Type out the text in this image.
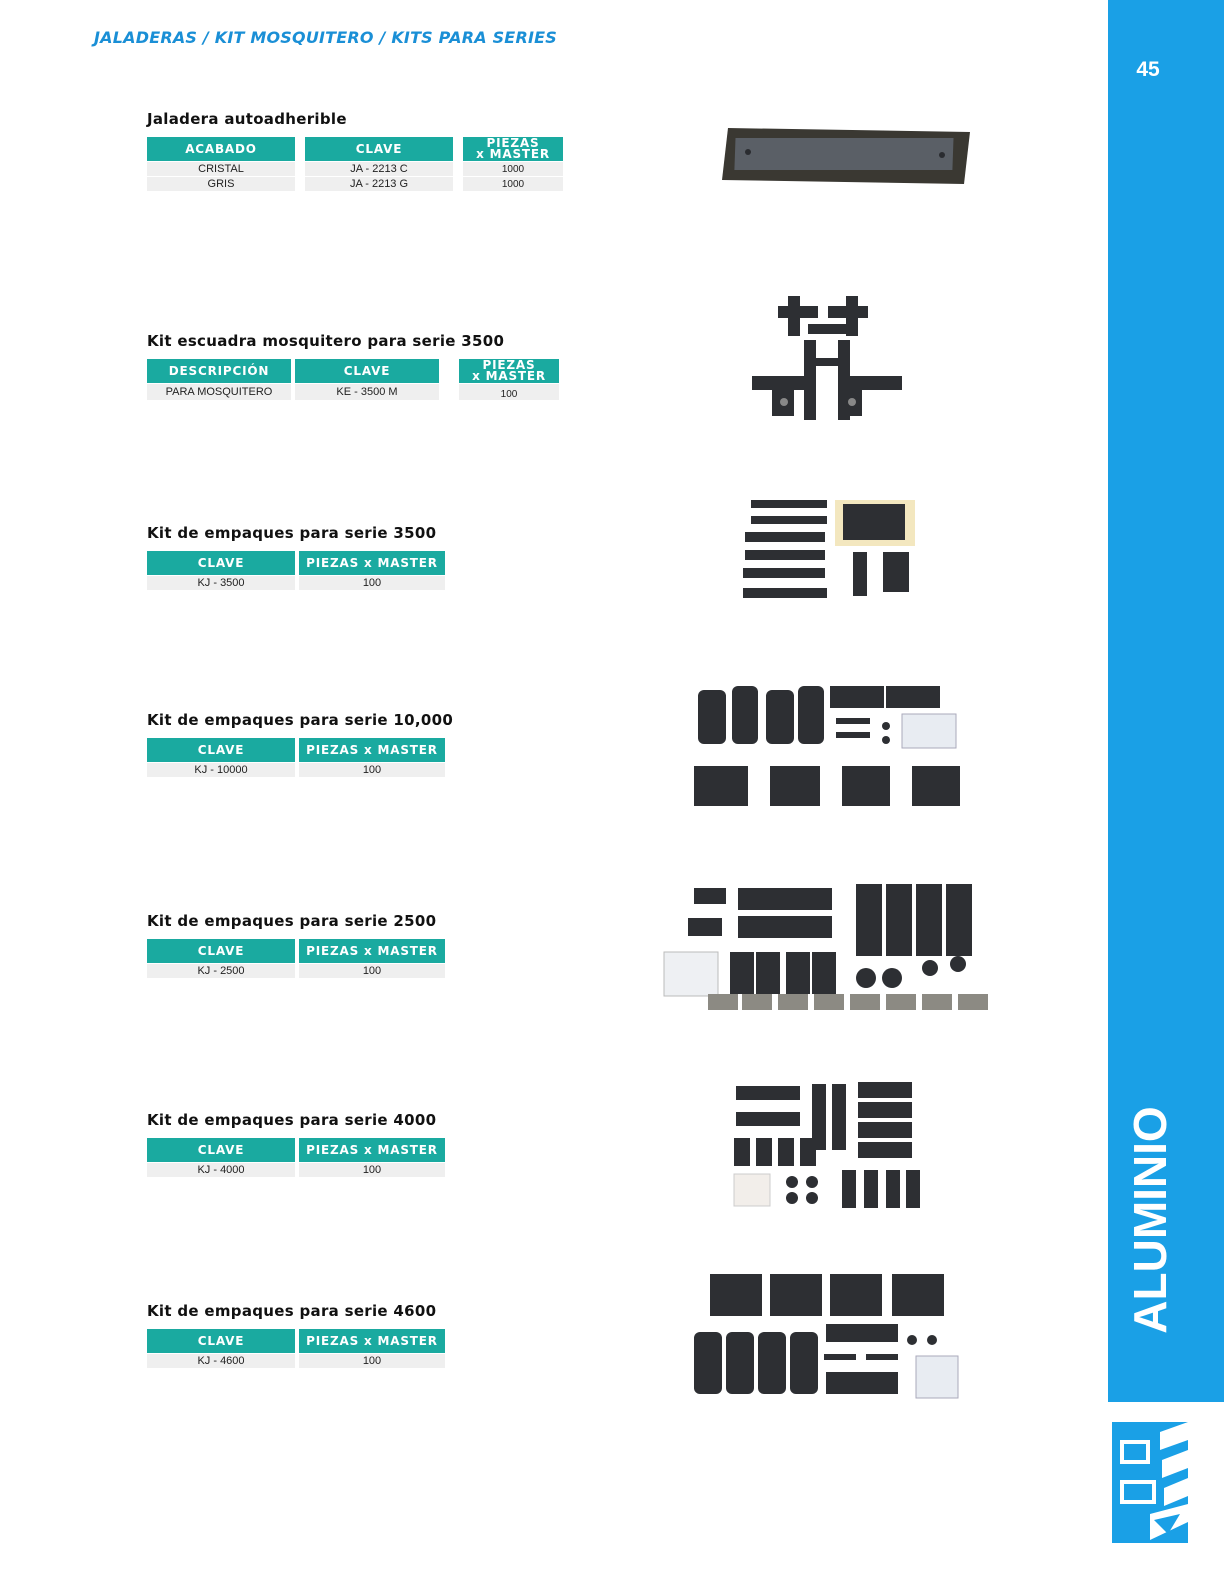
JALADERAS / KIT MOSQUITERO / KITS PARA SERIES
45
ALUMINIO
Jaladera autoadherible
ACABADO		CLAVE		PIEZAS
x MASTER
CRISTAL		JA - 2213 C		1000
GRIS		JA - 2213 G		1000
Kit escuadra mosquitero para serie 3500
DESCRIPCIÓN		CLAVE		PIEZAS
x MASTER
PARA MOSQUITERO		KE - 3500 M		100
Kit de empaques para serie 3500
CLAVE		PIEZAS x MASTER
KJ - 3500		100
Kit de empaques para serie 10,000
CLAVE		PIEZAS x MASTER
KJ - 10000		100
Kit de empaques para serie 2500
CLAVE		PIEZAS x MASTER
KJ - 2500		100
Kit de empaques para serie 4000
CLAVE		PIEZAS x MASTER
KJ - 4000		100
Kit de empaques para serie 4600
CLAVE		PIEZAS x MASTER
KJ - 4600		100
